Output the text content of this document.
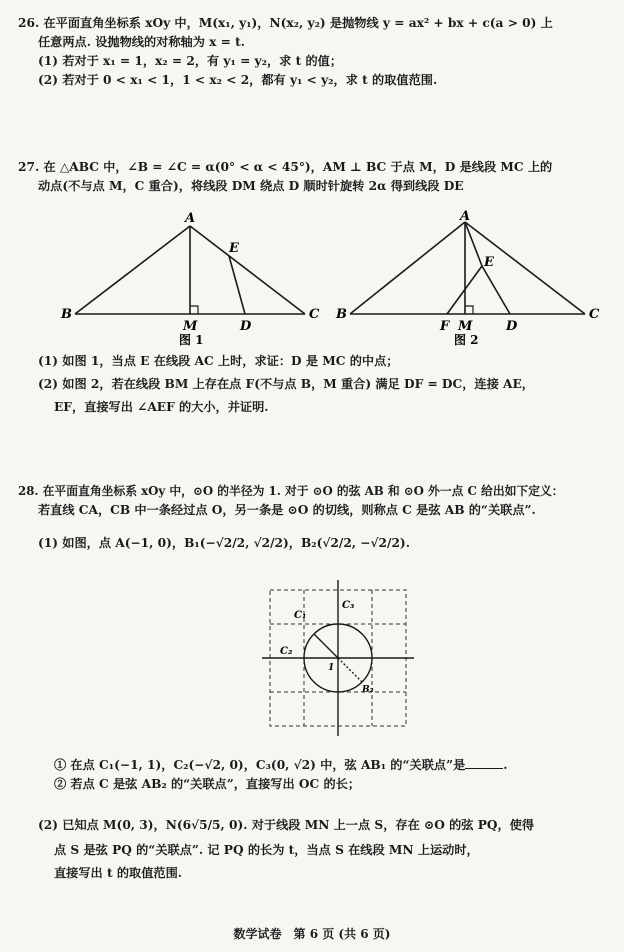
26. 在平面直角坐标系 xOy 中，M(x₁, y₁)，N(x₂, y₂) 是抛物线 y = ax² + bx + c(a > 0) 上
任意两点. 设抛物线的对称轴为 x = t.
(1) 若对于 x₁ = 1，x₂ = 2，有 y₁ = y₂，求 t 的值；
(2) 若对于 0 < x₁ < 1，1 < x₂ < 2，都有 y₁ < y₂，求 t 的取值范围.
27. 在 △ABC 中，∠B = ∠C = α(0° < α < 45°)，AM ⊥ BC 于点 M，D 是线段 MC 上的
动点(不与点 M，C 重合)，将线段 DM 绕点 D 顺时针旋转 2α 得到线段 DE
A
B	C
M	D
E
图 1
A
B	C
F M	D
E
图 2
(1) 如图 1，当点 E 在线段 AC 上时，求证：D 是 MC 的中点；
(2) 如图 2，若在线段 BM 上存在点 F(不与点 B，M 重合) 满足 DF = DC，连接 AE，
EF，直接写出 ∠AEF 的大小，并证明.
28. 在平面直角坐标系 xOy 中，⊙O 的半径为 1. 对于 ⊙O 的弦 AB 和 ⊙O 外一点 C 给出如下定义：
若直线 CA，CB 中一条经过点 O，另一条是 ⊙O 的切线，则称点 C 是弦 AB 的“关联点”.
(1) 如图，点 A(−1, 0)，B₁(−√2/2, √2/2)，B₂(√2/2, −√2/2).
C₁
C₃
C₂
1
B₂
① 在点 C₁(−1, 1)，C₂(−√2, 0)，C₃(0, √2) 中，弦 AB₁ 的“关联点”是	.
② 若点 C 是弦 AB₂ 的“关联点”，直接写出 OC 的长；
(2) 已知点 M(0, 3)，N(6√5/5, 0). 对于线段 MN 上一点 S，存在 ⊙O 的弦 PQ，使得
点 S 是弦 PQ 的“关联点”. 记 PQ 的长为 t，当点 S 在线段 MN 上运动时，
直接写出 t 的取值范围.
数学试卷　第 6 页 (共 6 页)
